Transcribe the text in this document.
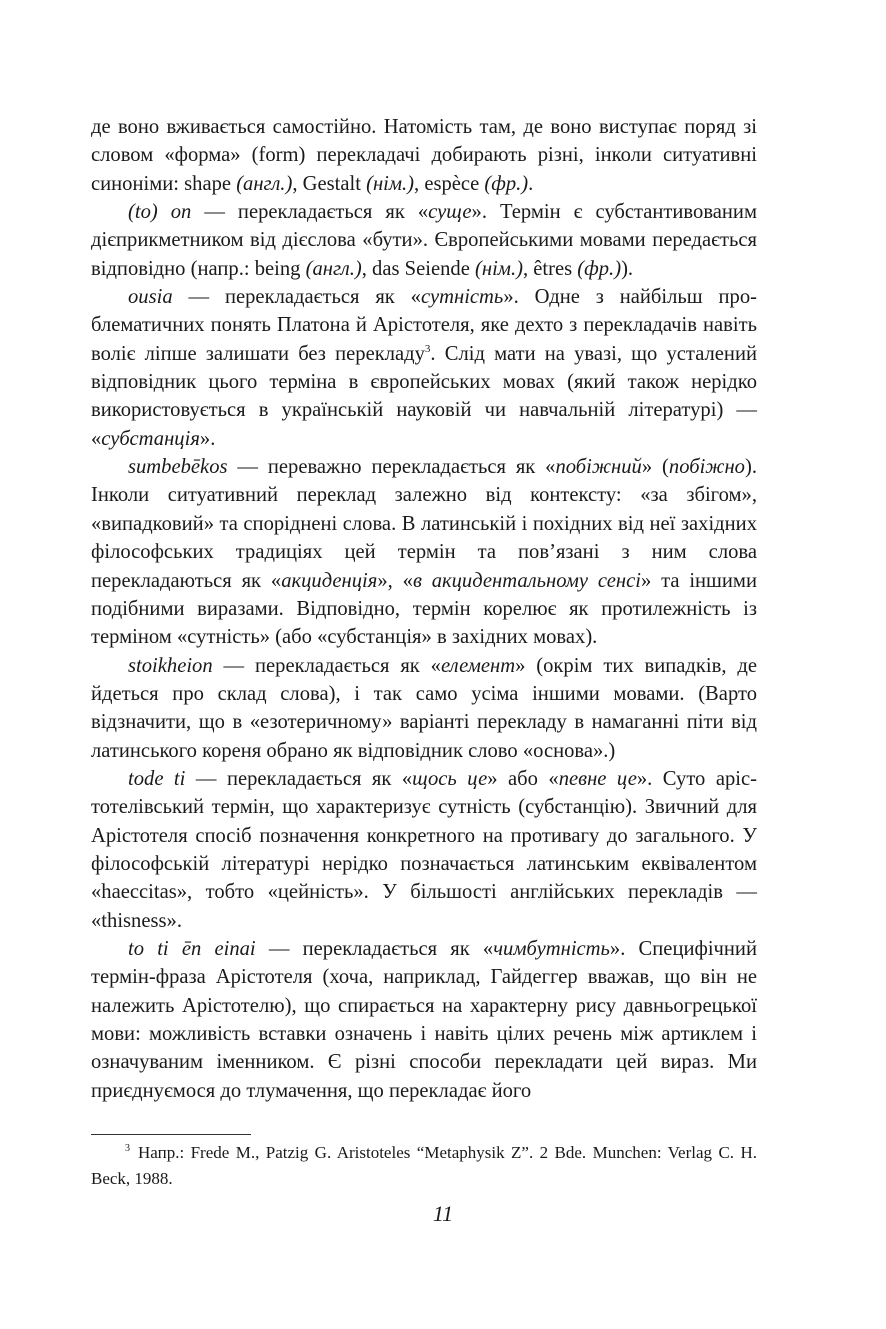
де воно вживається самостійно. Натомість там, де воно виступає поряд зі словом «форма» (form) перекладачі добирають різні, інколи ситуативні синоніми: shape (англ.), Gestalt (нім.), espèce (фр.).

(to) on — перекладається як «суще». Термін є субстантивованим дієприкметником від дієслова «бути». Європейськими мовами передається відповідно (напр.: being (англ.), das Seiende (нім.), êtres (фр.)).

ousia — перекладається як «сутність». Одне з найбільш проблематичних понять Платона й Арістотеля, яке дехто з перекладачів навіть воліє ліпше залишати без перекладу$^3$. Слід мати на увазі, що усталений відповідник цього терміна в європейських мовах (який також нерідко використовується в українській науковій чи навчальній літературі) — «субстанція».

sumbebēkos — переважно перекладається як «побіжний» (побіжно). Інколи ситуативний переклад залежно від контексту: «за збігом», «випадковий» та споріднені слова. В латинській і похідних від неї західних філософських традиціях цей термін та пов’язані з ним слова перекладаються як «акциденція», «в акцидентальному сенсі» та іншими подібними виразами. Відповідно, термін корелює як протилежність із терміном «сутність» (або «субстанція» в західних мовах).

stoikheion — перекладається як «елемент» (окрім тих випадків, де йдеться про склад слова), і так само усіма іншими мовами. (Варто відзначити, що в «езотеричному» варіанті перекладу в намаганні піти від латинського кореня обрано як відповідник слово «основа».)

tode ti — перекладається як «щось це» або «певне це». Суто арістотелівський термін, що характеризує сутність (субстанцію). Звичний для Арістотеля спосіб позначення конкретного на противагу до загального. У філософській літературі нерідко позначається латинським еквівалентом «haeccitas», тобто «цейність». У більшості англійських перекладів — «thisness».

to ti ēn einai — перекладається як «чимбутність». Специфічний термін-фраза Арістотеля (хоча, наприклад, Гайдеггер вважав, що він не належить Арістотелю), що спирається на характерну рису давньогрецької мови: можливість вставки означень і навіть цілих речень між артиклем і означуваним іменником. Є різні способи перекладати цей вираз. Ми приєднуємося до тлумачення, що перекладає його

$^3$ Напр.: Frede M., Patzig G. Aristoteles “Metaphysik Z”. 2 Bde. Munchen: Verlag C. H. Beck, 1988.

11
